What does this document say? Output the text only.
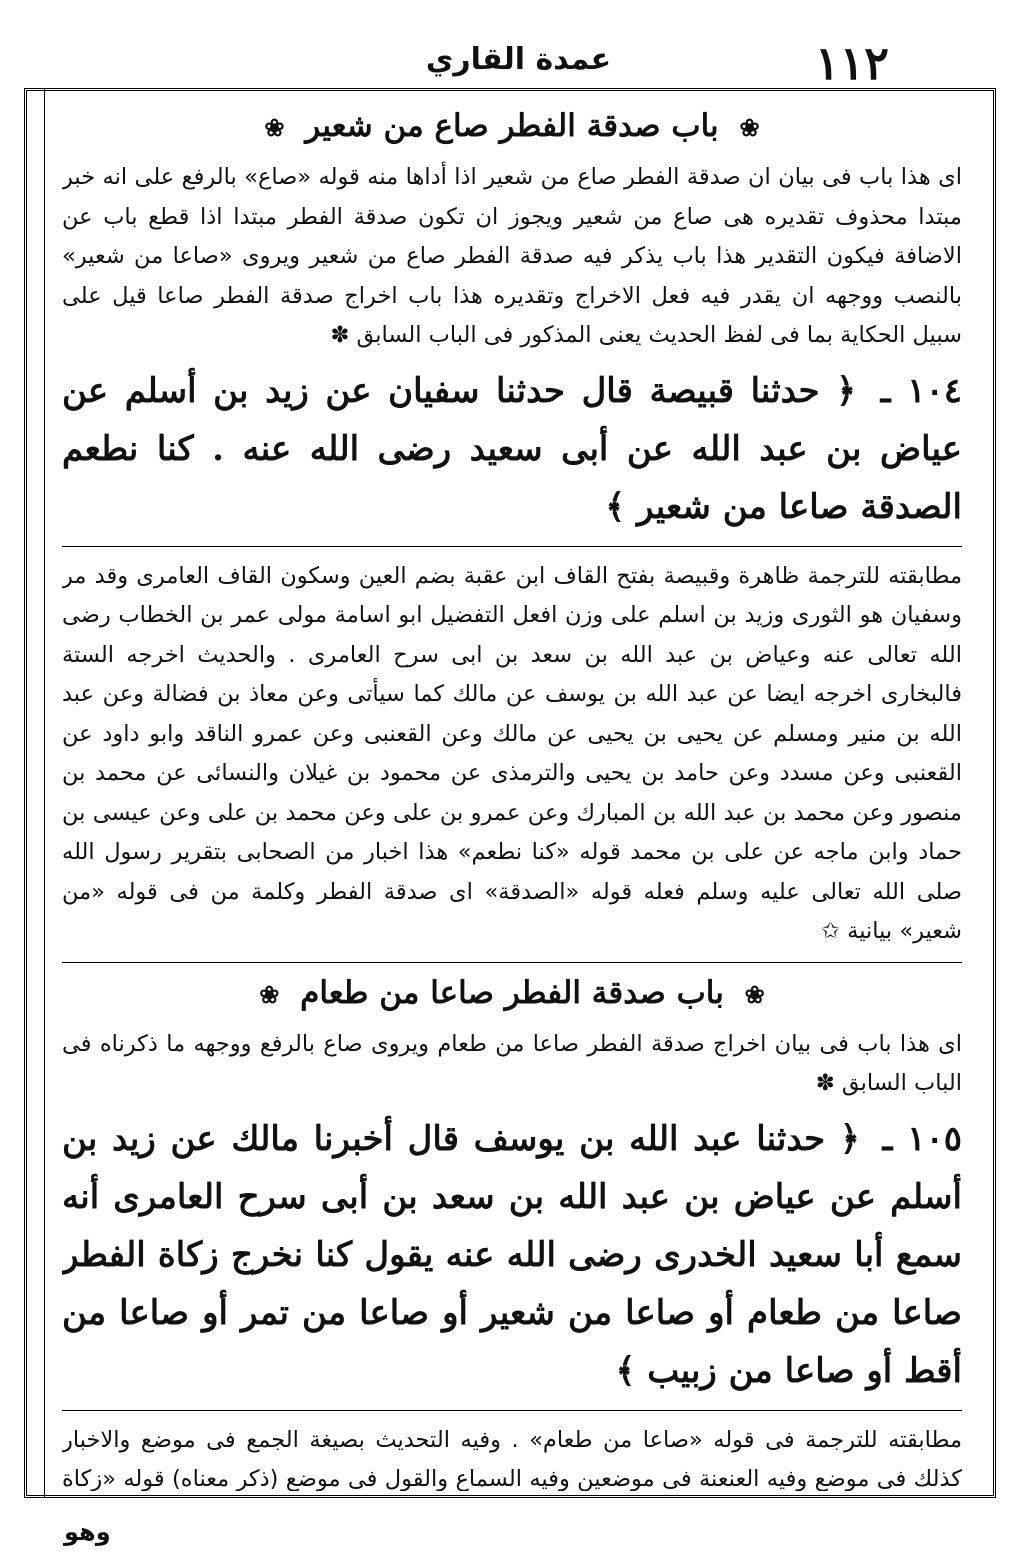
١١٢
عمدة القاري
❀ باب صدقة الفطر صاع من شعير ❀

اى هذا باب فى بيان ان صدقة الفطر صاع من شعير اذا أداها منه قوله «صاع» بالرفع على انه خبر مبتدا محذوف تقديره هى صاع من شعير ويجوز ان تكون صدقة الفطر مبتدا اذا قطع باب عن الاضافة فيكون التقدير هذا باب يذكر فيه صدقة الفطر صاع من شعير ويروى «صاعا من شعير» بالنصب ووجهه ان يقدر فيه فعل الاخراج وتقديره هذا باب اخراج صدقة الفطر صاعا قيل على سبيل الحكاية بما فى لفظ الحديث يعنى المذكور فى الباب السابق ✽

١٠٤ ـ ﴿ حدثنا قبيصة قال حدثنا سفيان عن زيد بن أسلم عن عياض بن عبد الله عن أبى سعيد رضى الله عنه . كنا نطعم الصدقة صاعا من شعير ﴾

مطابقته للترجمة ظاهرة وقبيصة بفتح القاف ابن عقبة بضم العين وسكون القاف العامرى وقد مر وسفيان هو الثورى وزيد بن اسلم على وزن افعل التفضيل ابو اسامة مولى عمر بن الخطاب رضى الله تعالى عنه وعياض بن عبد الله بن سعد بن ابى سرح العامرى . والحديث اخرجه الستة فالبخارى اخرجه ايضا عن عبد الله بن يوسف عن مالك كما سيأتى وعن معاذ بن فضالة وعن عبد الله بن منير ومسلم عن يحيى بن يحيى عن مالك وعن القعنبى وعن عمرو الناقد وابو داود عن القعنبى وعن مسدد وعن حامد بن يحيى والترمذى عن محمود بن غيلان والنسائى عن محمد بن منصور وعن محمد بن عبد الله بن المبارك وعن عمرو بن على وعن محمد بن على وعن عيسى بن حماد وابن ماجه عن على بن محمد قوله «كنا نطعم» هذا اخبار من الصحابى بتقرير رسول الله صلى الله تعالى عليه وسلم فعله قوله «الصدقة» اى صدقة الفطر وكلمة من فى قوله «من شعير» بيانية ✩

❀ باب صدقة الفطر صاعا من طعام ❀

اى هذا باب فى بيان اخراج صدقة الفطر صاعا من طعام ويروى صاع بالرفع ووجهه ما ذكرناه فى الباب السابق ✽

١٠٥ ـ ﴿ حدثنا عبد الله بن يوسف قال أخبرنا مالك عن زيد بن أسلم عن عياض بن عبد الله بن سعد بن أبى سرح العامرى أنه سمع أبا سعيد الخدرى رضى الله عنه يقول كنا نخرج زكاة الفطر صاعا من طعام أو صاعا من شعير أو صاعا من تمر أو صاعا من أقط أو صاعا من زبيب ﴾

مطابقته للترجمة فى قوله «صاعا من طعام» . وفيه التحديث بصيغة الجمع فى موضع والاخبار كذلك فى موضع وفيه العنعنة فى موضعين وفيه السماع والقول فى موضع (ذكر معناه) قوله «زكاة

وهو
